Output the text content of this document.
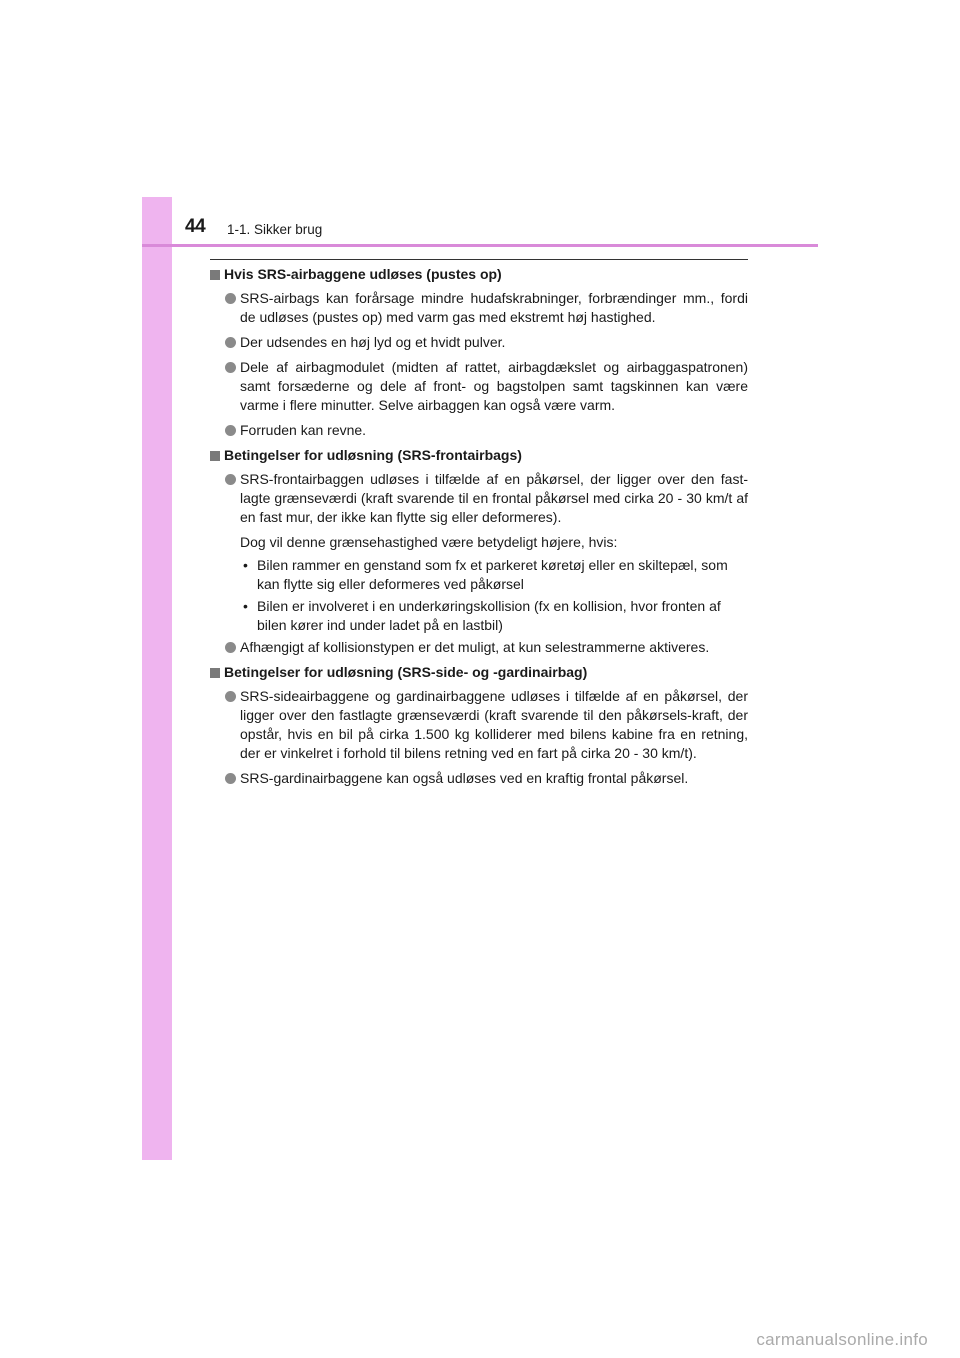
44 1-1. Sikker brug
Hvis SRS-airbaggene udløses (pustes op)
SRS-airbags kan forårsage mindre hudafskrabninger, forbrændinger mm., fordi de udløses (pustes op) med varm gas med ekstremt høj hastighed.
Der udsendes en høj lyd og et hvidt pulver.
Dele af airbagmodulet (midten af rattet, airbagdækslet og airbaggaspatronen) samt forsæderne og dele af front- og bagstolpen samt tagskinnen kan være varme i flere minutter. Selve airbaggen kan også være varm.
Forruden kan revne.
Betingelser for udløsning (SRS-frontairbags)
SRS-frontairbaggen udløses i tilfælde af en påkørsel, der ligger over den fast-lagte grænseværdi (kraft svarende til en frontal påkørsel med cirka 20 - 30 km/t af en fast mur, der ikke kan flytte sig eller deformeres).
Dog vil denne grænsehastighed være betydeligt højere, hvis:
• Bilen rammer en genstand som fx et parkeret køretøj eller en skiltepæl, som kan flytte sig eller deformeres ved påkørsel
• Bilen er involveret i en underkøringskollision (fx en kollision, hvor fronten af bilen kører ind under ladet på en lastbil)
Afhængigt af kollisionstypen er det muligt, at kun selestrammerne aktiveres.
Betingelser for udløsning (SRS-side- og -gardinairbag)
SRS-sideairbaggene og gardinairbaggene udløses i tilfælde af en påkørsel, der ligger over den fastlagte grænseværdi (kraft svarende til den påkørsels-kraft, der opstår, hvis en bil på cirka 1.500 kg kolliderer med bilens kabine fra en retning, der er vinkelret i forhold til bilens retning ved en fart på cirka 20 - 30 km/t).
SRS-gardinairbaggene kan også udløses ved en kraftig frontal påkørsel.
carmanualsonline.info
